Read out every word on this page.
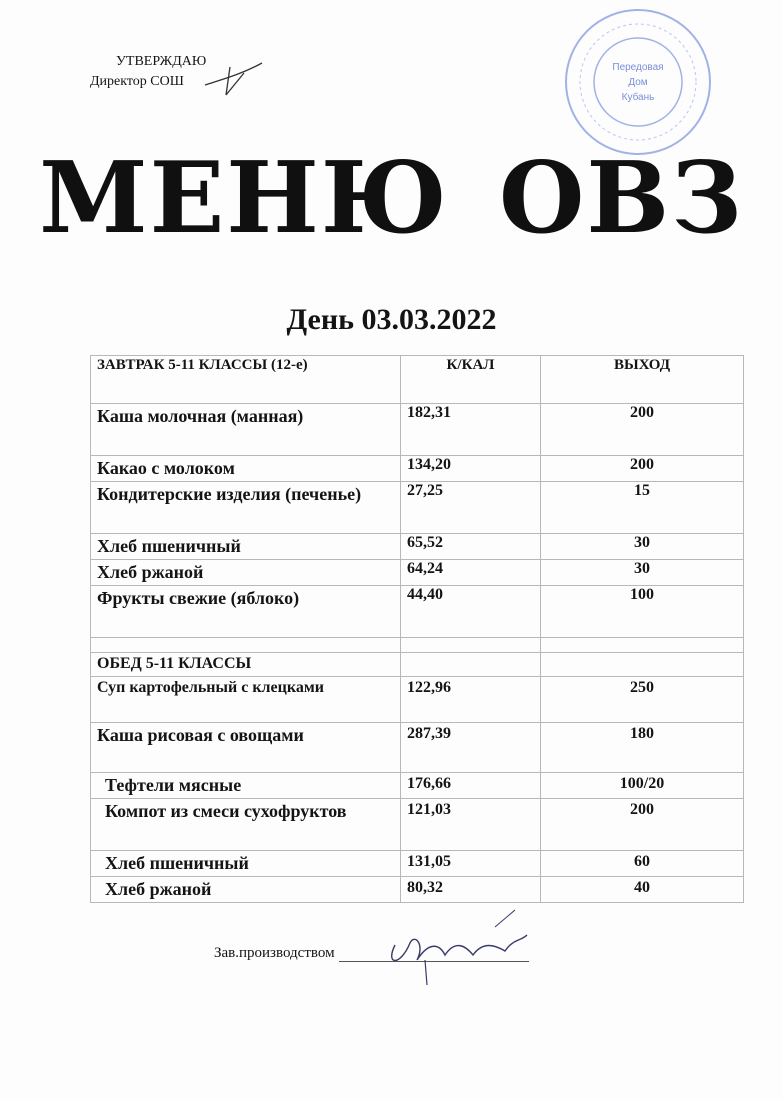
УТВЕРЖДАЮ
Директор СОШ
Передовая
Дом
Кубань
МЕНЮ ОВЗ
День 03.03.2022
ЗАВТРАК 5-11 КЛАССЫ (12-е)	К/КАЛ	ВЫХОД
Каша молочная (манная)	182,31	200
Какао с молоком	134,20	200
Кондитерские изделия (печенье)	27,25	15
Хлеб пшеничный	65,52	30
Хлеб ржаной	64,24	30
Фрукты свежие (яблоко)	44,40	100

ОБЕД 5-11 КЛАССЫ		
Суп картофельный с клецками	122,96	250
Каша рисовая с овощами	287,39	180
Тефтели мясные	176,66	100/20
Компот из смеси сухофруктов	121,03	200
Хлеб пшеничный	131,05	60
Хлеб ржаной	80,32	40
Зав.производством
